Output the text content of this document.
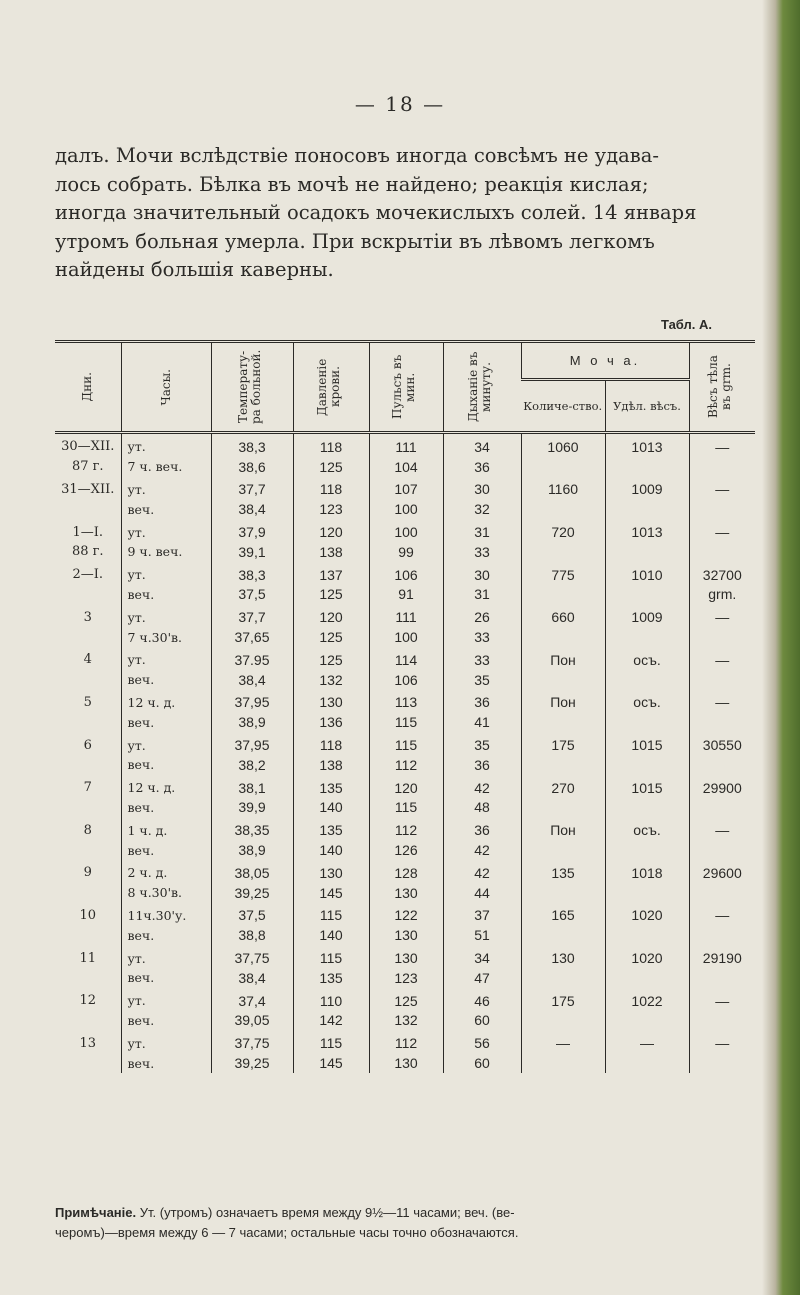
— 18 —
далъ. Мочи вслѣдствіе поносовъ иногда совсѣмъ не удава-
лось собрать. Бѣлка въ мочѣ не найдено; реакція кислая;
иногда значительный осадокъ мочекислыхъ солей. 14 января
утромъ больная умерла. При вскрытіи въ лѣвомъ легкомъ
найдены большія каверны.
Табл. А.
Дни.	Часы.	Температу-ра больной.	Давленіе крови.	Пульсъ въ мин.	Дыханіе въ минуту.	М о ч а.		Вѣсъ тѣла въ grm.

						Количе-ство.	Удѣл. вѣсъ.	
30—XII.	ут.	38,3	118	111	34	1060	1013	—
87 г.	7 ч. веч.	38,6	125	104	36			
31—XII.	ут.	37,7	118	107	30	1160	1009	—
	веч.	38,4	123	100	32			
1—I.	ут.	37,9	120	100	31	720	1013	—
88 г.	9 ч. веч.	39,1	138	99	33			
2—I.	ут.	38,3	137	106	30	775	1010	32700
	веч.	37,5	125	91	31			grm.
3	ут.	37,7	120	111	26	660	1009	—
	7 ч.30'в.	37,65	125	100	33			
4	ут.	37.95	125	114	33	Пон	осъ.	—
	веч.	38,4	132	106	35			
5	12 ч. д.	37,95	130	113	36	Пон	осъ.	—
	веч.	38,9	136	115	41			
6	ут.	37,95	118	115	35	175	1015	30550
	веч.	38,2	138	112	36			
7	12 ч. д.	38,1	135	120	42	270	1015	29900
	веч.	39,9	140	115	48			
8	1 ч. д.	38,35	135	112	36	Пон	осъ.	—
	веч.	38,9	140	126	42			
9	2 ч. д.	38,05	130	128	42	135	1018	29600
	8 ч.30'в.	39,25	145	130	44			
10	11ч.30'у.	37,5	115	122	37	165	1020	—
	веч.	38,8	140	130	51			
11	ут.	37,75	115	130	34	130	1020	29190
	веч.	38,4	135	123	47			
12	ут.	37,4	110	125	46	175	1022	—
	веч.	39,05	142	132	60			
13	ут.	37,75	115	112	56	—	—	—
	веч.	39,25	145	130	60			

Примѣчаніе. Ут. (утромъ) означаетъ время между 9½—11 часами; веч. (ве-
черомъ)—время между 6 — 7 часами; остальные часы точно обозначаются.
